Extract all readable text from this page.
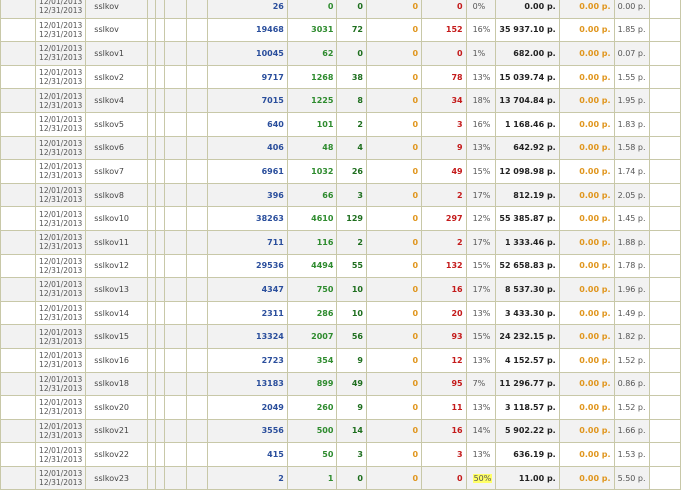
	12/01/2013
12/31/2013	sslkov					26	0	0	0	0	0%	0.00 р.	0.00 р.	0.00 р.	

	12/01/2013
12/31/2013	sslkov					19468	3031	72	0	152	16%	35 937.10 р.	0.00 р.	1.85 р.	

	12/01/2013
12/31/2013	sslkov1					10045	62	0	0	0	1%	682.00 р.	0.00 р.	0.07 р.	

	12/01/2013
12/31/2013	sslkov2					9717	1268	38	0	78	13%	15 039.74 р.	0.00 р.	1.55 р.	

	12/01/2013
12/31/2013	sslkov4					7015	1225	8	0	34	18%	13 704.84 р.	0.00 р.	1.95 р.	

	12/01/2013
12/31/2013	sslkov5					640	101	2	0	3	16%	1 168.46 р.	0.00 р.	1.83 р.	

	12/01/2013
12/31/2013	sslkov6					406	48	4	0	9	13%	642.92 р.	0.00 р.	1.58 р.	

	12/01/2013
12/31/2013	sslkov7					6961	1032	26	0	49	15%	12 098.98 р.	0.00 р.	1.74 р.	

	12/01/2013
12/31/2013	sslkov8					396	66	3	0	2	17%	812.19 р.	0.00 р.	2.05 р.	

	12/01/2013
12/31/2013	sslkov10					38263	4610	129	0	297	12%	55 385.87 р.	0.00 р.	1.45 р.	

	12/01/2013
12/31/2013	sslkov11					711	116	2	0	2	17%	1 333.46 р.	0.00 р.	1.88 р.	

	12/01/2013
12/31/2013	sslkov12					29536	4494	55	0	132	15%	52 658.83 р.	0.00 р.	1.78 р.	

	12/01/2013
12/31/2013	sslkov13					4347	750	10	0	16	17%	8 537.30 р.	0.00 р.	1.96 р.	

	12/01/2013
12/31/2013	sslkov14					2311	286	10	0	20	13%	3 433.30 р.	0.00 р.	1.49 р.	

	12/01/2013
12/31/2013	sslkov15					13324	2007	56	0	93	15%	24 232.15 р.	0.00 р.	1.82 р.	

	12/01/2013
12/31/2013	sslkov16					2723	354	9	0	12	13%	4 152.57 р.	0.00 р.	1.52 р.	

	12/01/2013
12/31/2013	sslkov18					13183	899	49	0	95	7%	11 296.77 р.	0.00 р.	0.86 р.	

	12/01/2013
12/31/2013	sslkov20					2049	260	9	0	11	13%	3 118.57 р.	0.00 р.	1.52 р.	

	12/01/2013
12/31/2013	sslkov21					3556	500	14	0	16	14%	5 902.22 р.	0.00 р.	1.66 р.	

	12/01/2013
12/31/2013	sslkov22					415	50	3	0	3	13%	636.19 р.	0.00 р.	1.53 р.	

	12/01/2013
12/31/2013	sslkov23					2	1	0	0	0	50%	11.00 р.	0.00 р.	5.50 р.	
